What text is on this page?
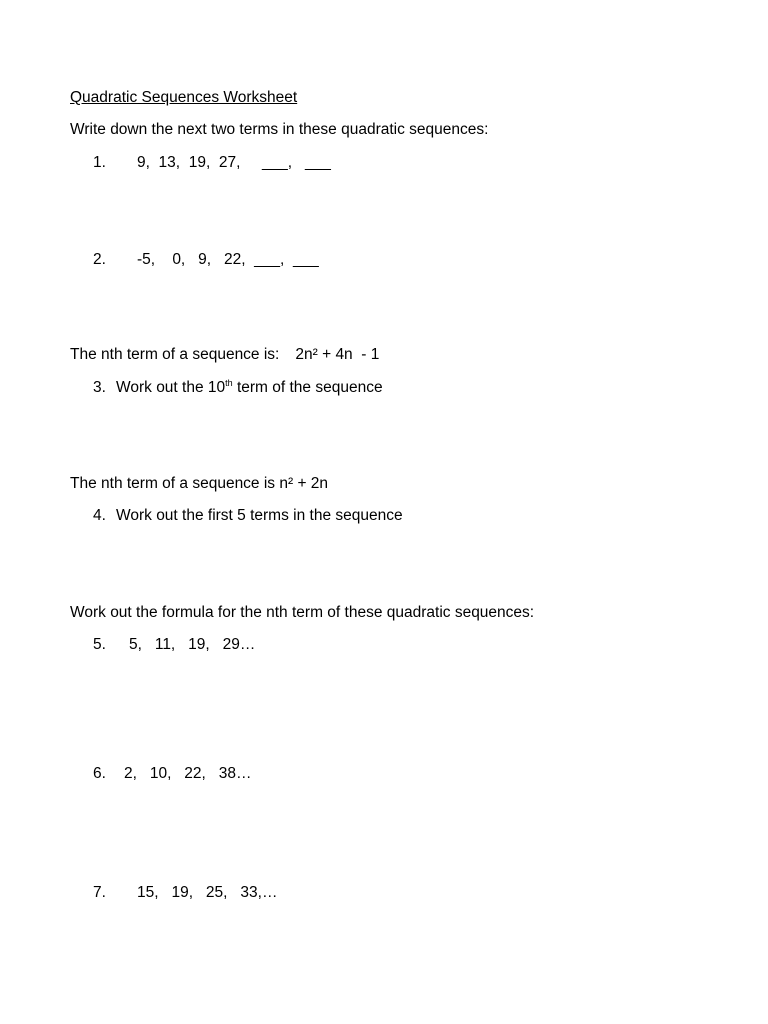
Quadratic Sequences Worksheet
Write down the next two terms in these quadratic sequences:
1. 9,  13,  19,  27,     ___,   ___
2. -5,    0,   9,   22,  ___,  ___
The nth term of a sequence is: 2n² + 4n  - 1
3. Work out the 10th term of the sequence
The nth term of a sequence is n² + 2n
4. Work out the first 5 terms in the sequence
Work out the formula for the nth term of these quadratic sequences:
5. 5,   11,   19,   29…
6. 2,   10,   22,   38…
7. 15,   19,   25,   33,…
